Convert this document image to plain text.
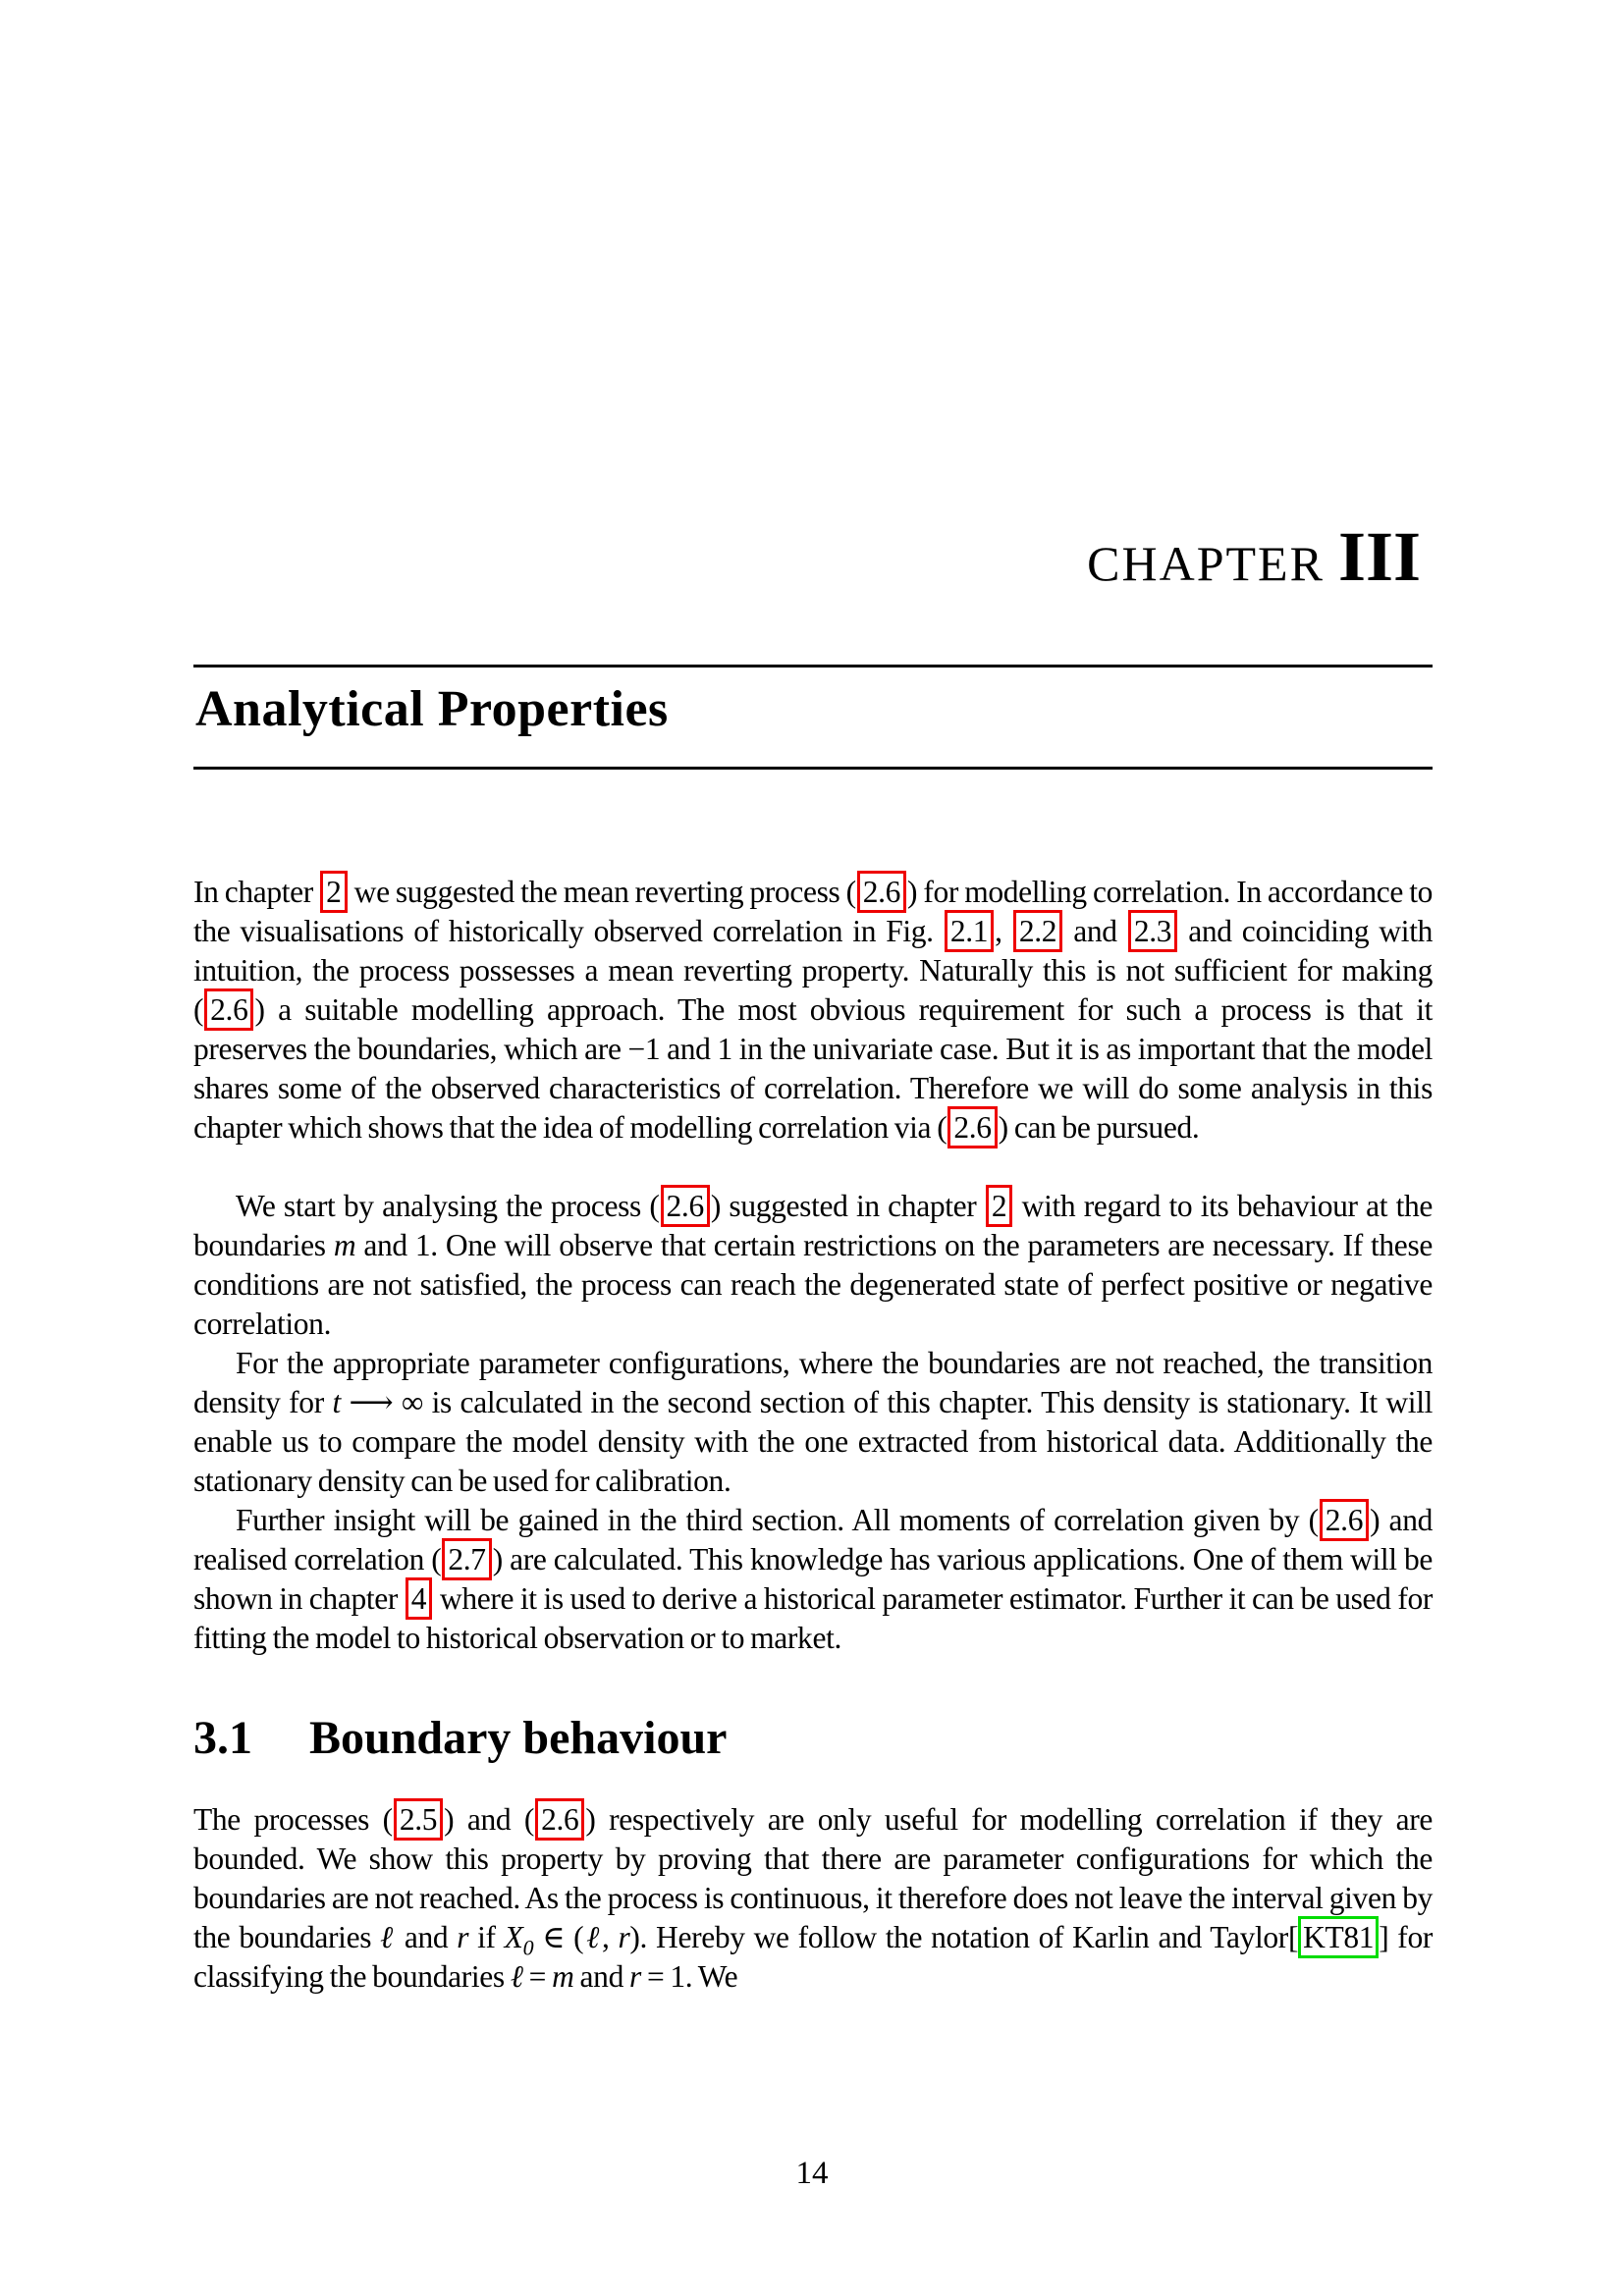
CHAPTER III
Analytical Properties

In chapter 2 we suggested the mean reverting process ( 2.6 ) for modelling correlation. In accordance to the visualisations of historically observed correlation in Fig. 2.1 , 2.2 and 2.3 and coinciding with intuition, the process possesses a mean reverting property. Naturally this is not sufficient for making ( 2.6 ) a suitable modelling approach. The most obvious requirement for such a process is that it preserves the boundaries, which are −1 and 1 in the univariate case. But it is as important that the model shares some of the observed characteristics of correlation. Therefore we will do some analysis in this chapter which shows that the idea of modelling correlation via ( 2.6 ) can be pursued.

We start by analysing the process ( 2.6 ) suggested in chapter 2 with regard to its behaviour at the boundaries m and 1. One will observe that certain restrictions on the parameters are necessary. If these conditions are not satisfied, the process can reach the degenerated state of perfect positive or negative correlation.

For the appropriate parameter configurations, where the boundaries are not reached, the transition density for t ⟶ ∞ is calculated in the second section of this chapter. This density is stationary. It will enable us to compare the model density with the one extracted from historical data. Additionally the stationary density can be used for calibration.

Further insight will be gained in the third section. All moments of correlation given by ( 2.6 ) and realised correlation ( 2.7 ) are calculated. This knowledge has various applications. One of them will be shown in chapter 4 where it is used to derive a historical parameter estimator. Further it can be used for fitting the model to historical observation or to market.

3.1 Boundary behaviour

The processes ( 2.5 ) and ( 2.6 ) respectively are only useful for modelling correlation if they are bounded. We show this property by proving that there are parameter configurations for which the boundaries are not reached. As the process is continuous, it therefore does not leave the interval given by the boundaries ℓ and r if $X_0$ ∈ (ℓ, r). Hereby we follow the notation of Karlin and Taylor[ KT81 ] for classifying the boundaries ℓ = m and r = 1. We

14
